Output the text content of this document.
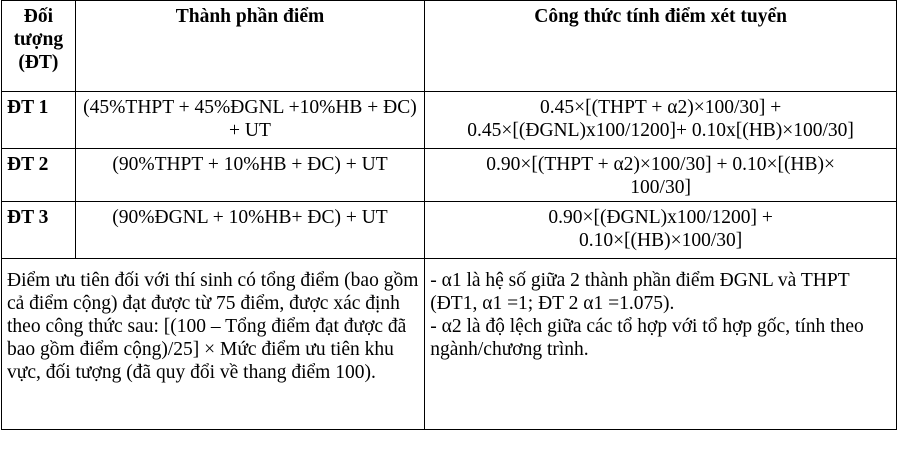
Đối tượng (ĐT)	Thành phần điểm	Công thức tính điểm xét tuyển
ĐT 1	(45%THPT + 45%ĐGNL +10%HB + ĐC) + UT	0.45×[(THPT + α2)×100/30] +
0.45×[(ĐGNL)x100/1200]+ 0.10x[(HB)×100/30]

ĐT 2	(90%THPT + 10%HB + ĐC) + UT	0.90×[(THPT + α2)×100/30] + 0.10×[(HB)×
100/30]

ĐT 3	(90%ĐGNL + 10%HB+ ĐC) + UT	0.90×[(ĐGNL)x100/1200] +
0.10×[(HB)×100/30]

Điểm ưu tiên đối với thí sinh có tổng điểm (bao gồm cả điểm cộng) đạt được từ 75 điểm, được xác định theo công thức sau: [(100 – Tổng điểm đạt được đã bao gồm điểm cộng)/25] × Mức điểm ưu tiên khu vực, đối tượng (đã quy đổi về thang điểm 100).		- α1 là hệ số giữa 2 thành phần điểm ĐGNL và THPT (ĐT1, α1 =1; ĐT 2 α1 =1.075).
- α2 là độ lệch giữa các tổ hợp với tổ hợp gốc, tính theo ngành/chương trình.
